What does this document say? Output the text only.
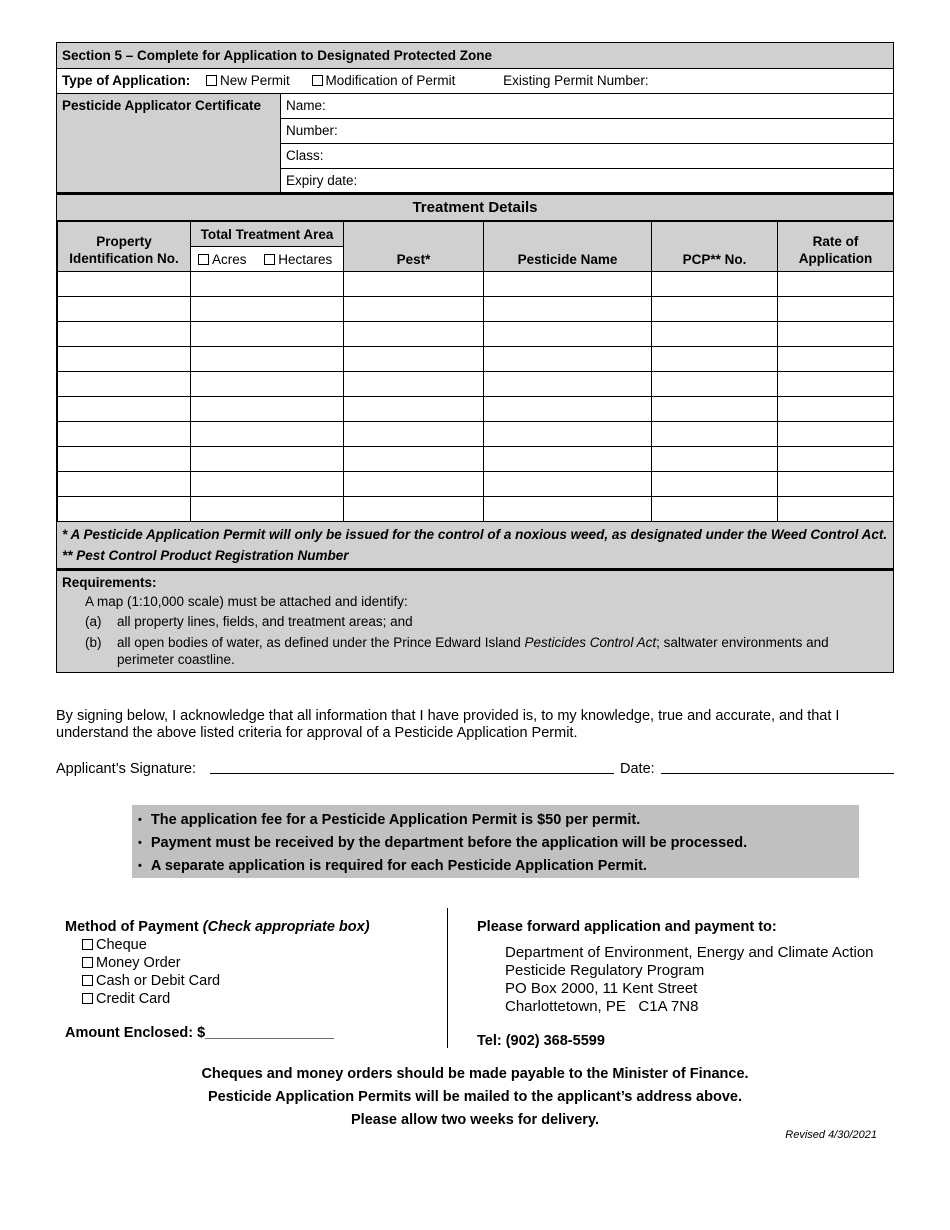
Section 5 – Complete for Application to Designated Protected Zone
Type of Application: New Permit	Modification of Permit	Existing Permit Number:
Pesticide Applicator Certificate	Name:
Number:
Class:
Expiry date:
Treatment Details
Property Identification No.	Total Treatment Area	Pest*	Pesticide Name	PCP** No.	Rate of Application
	Acres Hectares				

* A Pesticide Application Permit will only be issued for the control of a noxious weed, as designated under the Weed Control Act.

** Pest Control Product Registration Number

Requirements:
A map (1:10,000 scale) must be attached and identify:
(a)	all property lines, fields, and treatment areas; and
(b)	all open bodies of water, as defined under the Prince Edward Island Pesticides Control Act; saltwater environments and perimeter coastline.
By signing below, I acknowledge that all information that I have provided is, to my knowledge, true and accurate, and that I understand the above listed criteria for approval of a Pesticide Application Permit.
Applicant’s Signature:	Date:
• The application fee for a Pesticide Application Permit is $50 per permit.
• Payment must be received by the department before the application will be processed.
• A separate application is required for each Pesticide Application Permit.
Method of Payment (Check appropriate box)
Cheque
Money Order
Cash or Debit Card
Credit Card
Amount Enclosed: $________________
Please forward application and payment to:
Department of Environment, Energy and Climate Action
Pesticide Regulatory Program
PO Box 2000, 11 Kent Street
Charlottetown, PE   C1A 7N8
Tel: (902) 368-5599
Cheques and money orders should be made payable to the Minister of Finance.
Pesticide Application Permits will be mailed to the applicant’s address above.
Please allow two weeks for delivery.
Revised 4/30/2021
